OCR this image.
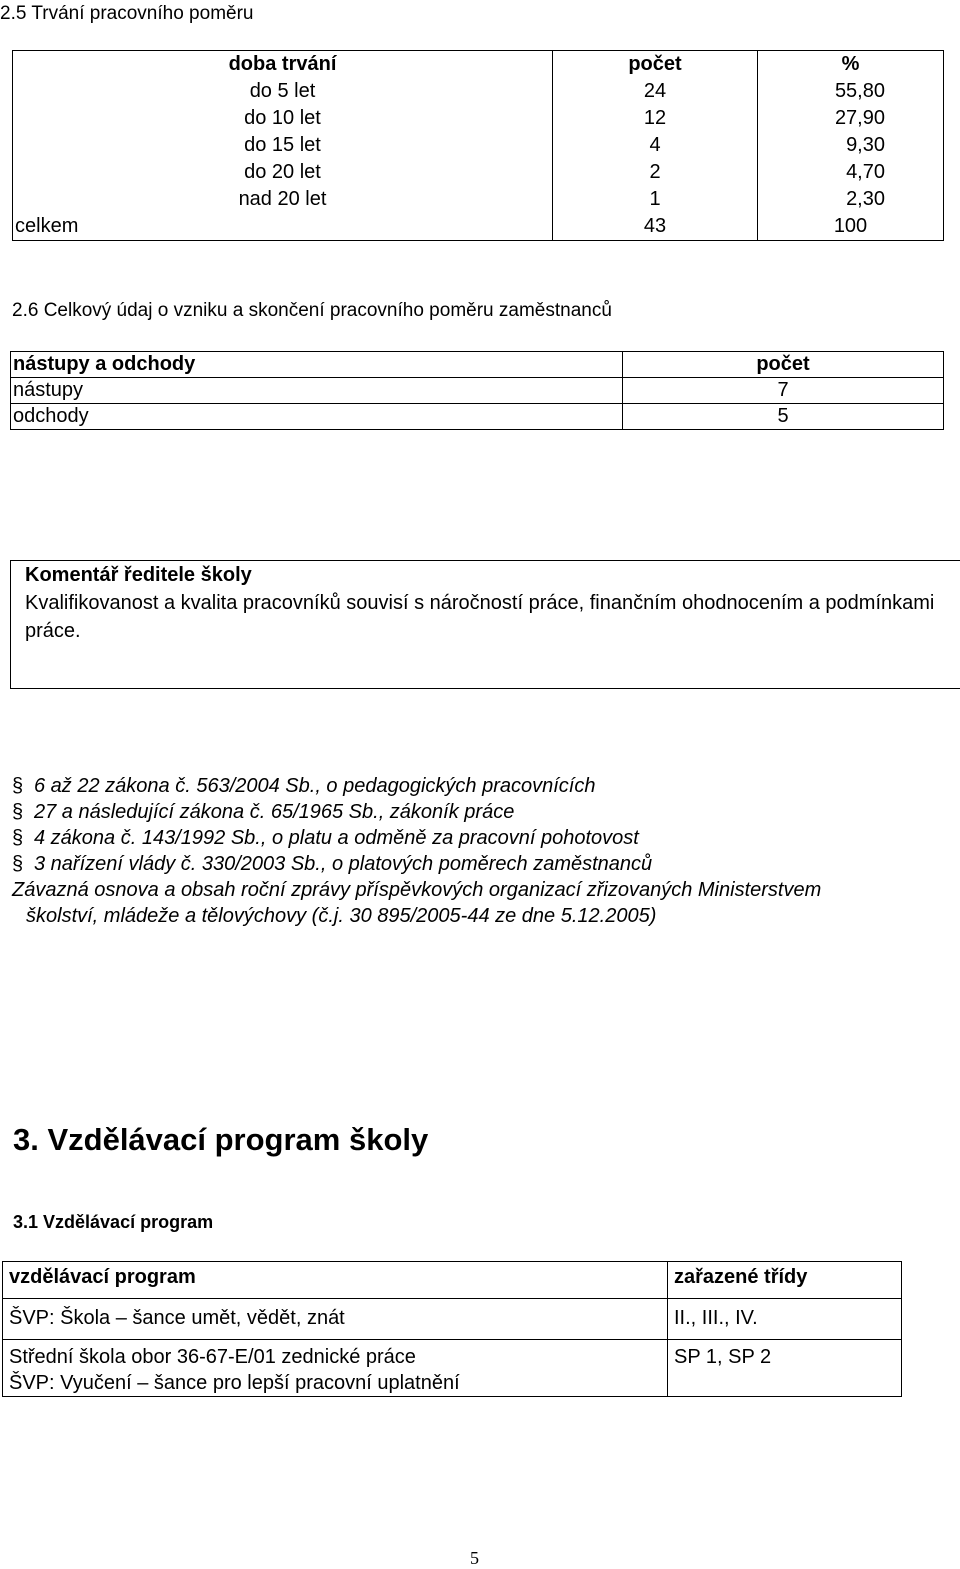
2.5 Trvání pracovního poměru
doba trvání	počet	%
do 5 let	24	55,80
do 10 let	12	27,90
do 15 let	4	9,30
do 20 let	2	4,70
nad 20 let	1	2,30
celkem	43	100
2.6 Celkový údaj o vzniku a skončení pracovního poměru zaměstnanců
nástupy a odchody	počet
nástupy	7
odchody	5
Komentář ředitele školy
Kvalifikovanost a kvalita pracovníků souvisí s náročností práce, finančním ohodnocením a podmínkami práce.
§ 6 až 22 zákona č. 563/2004 Sb., o pedagogických pracovnících
§ 27 a následující zákona č. 65/1965 Sb., zákoník práce
§ 4 zákona č. 143/1992 Sb., o platu a odměně za pracovní pohotovost
§ 3 nařízení vlády č. 330/2003 Sb., o platových poměrech zaměstnanců
Závazná osnova a obsah roční zprávy příspěvkových organizací zřizovaných Ministerstvem
školství, mládeže a tělovýchovy (č.j. 30 895/2005-44 ze dne 5.12.2005)
3. Vzdělávací program školy
3.1 Vzdělávací program
vzdělávací program	zařazené třídy
ŠVP: Škola – šance umět, vědět, znát	II., III., IV.

Střední škola obor 36-67-E/01 zednické práce
ŠVP: Vyučení – šance pro lepší pracovní uplatnění	SP 1, SP 2
5
